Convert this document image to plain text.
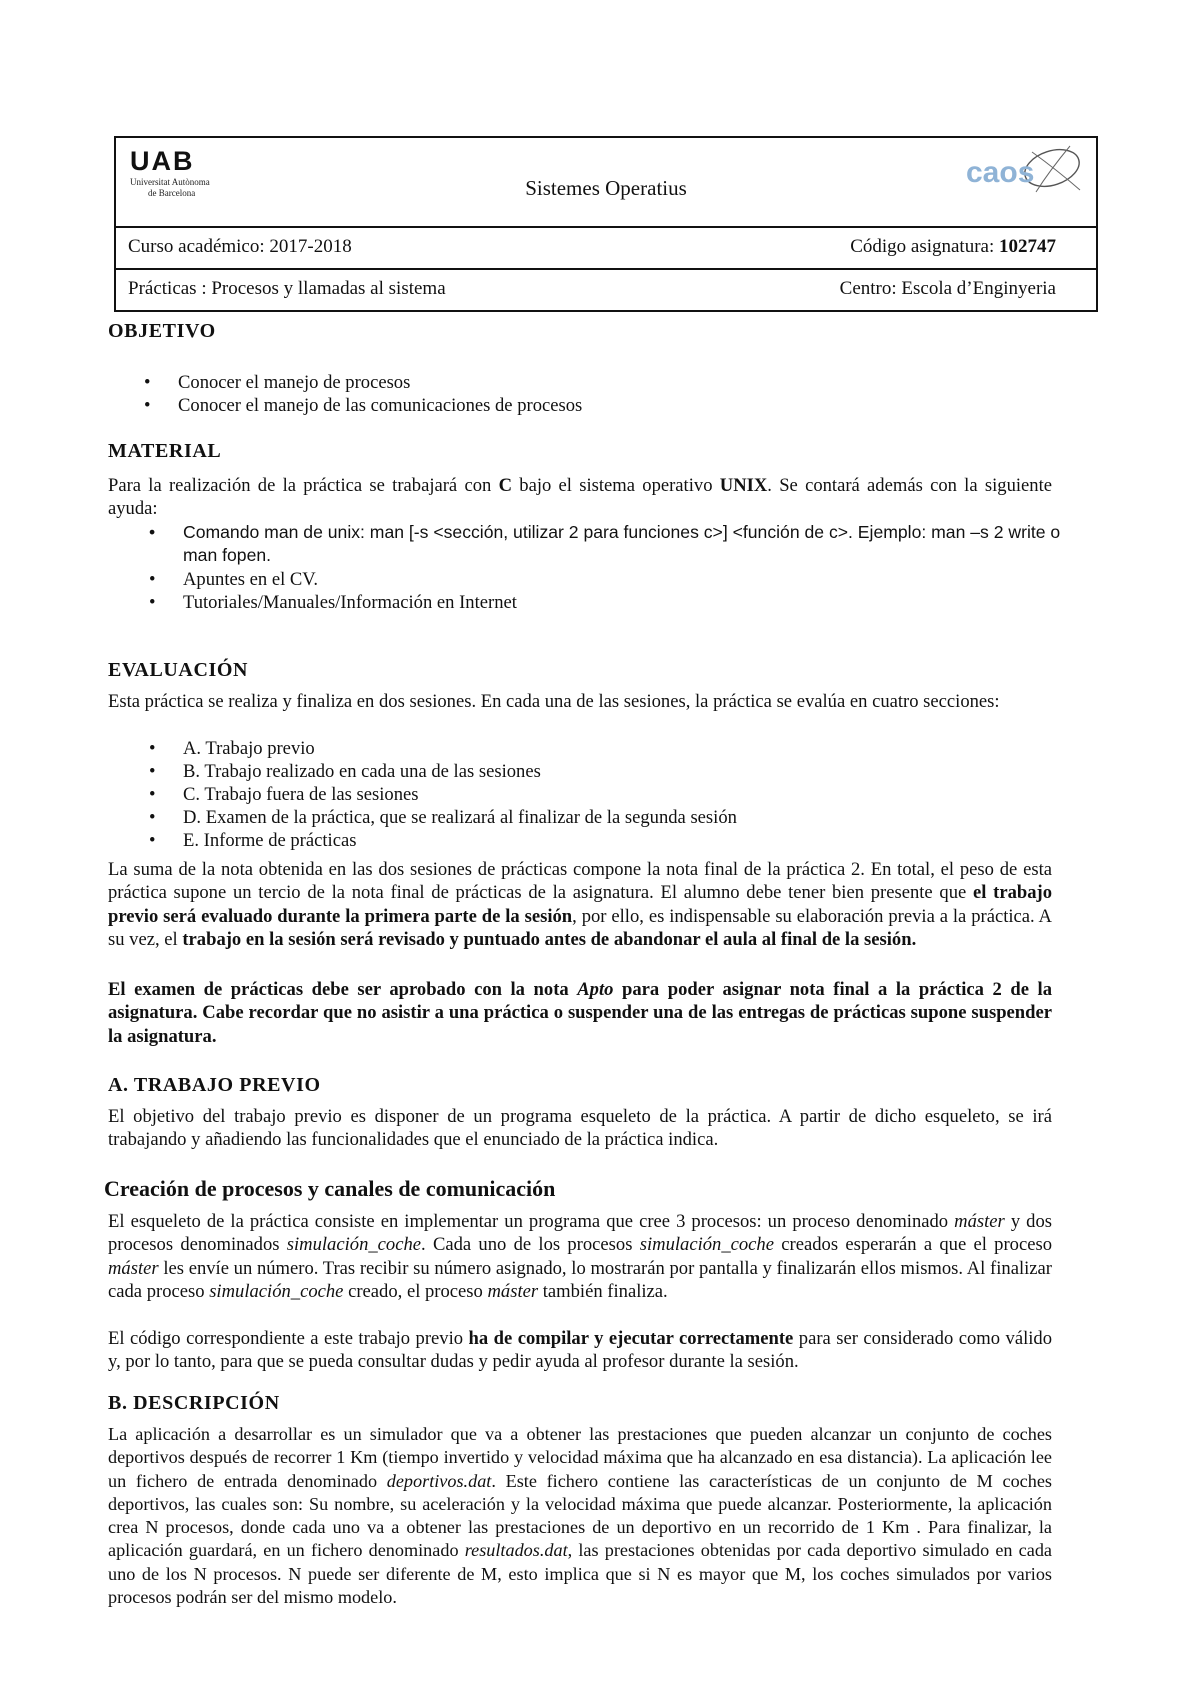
UAB
Universitat Autònoma
de Barcelona	Sistemes Operatius	caos
Curso académico: 2017-2018	Código asignatura: 102747
Prácticas : Procesos y llamadas al sistema	Centro: Escola d’Enginyeria
OBJETIVO
• Conocer el manejo de procesos
• Conocer el manejo de las comunicaciones de procesos
MATERIAL
Para la realización de la práctica se trabajará con C bajo el sistema operativo UNIX. Se contará además con la siguiente ayuda:
• Comando man de unix: man [-s <sección, utilizar 2 para funciones c>] <función de c>. Ejemplo: man –s 2 write o man fopen.
• Apuntes en el CV.
• Tutoriales/Manuales/Información en Internet
EVALUACIÓN
Esta práctica se realiza y finaliza en dos sesiones. En cada una de las sesiones, la práctica se evalúa en cuatro secciones:
• A. Trabajo previo
• B. Trabajo realizado en cada una de las sesiones
• C. Trabajo fuera de las sesiones
• D. Examen de la práctica, que se realizará al finalizar de la segunda sesión
• E. Informe de prácticas
La suma de la nota obtenida en las dos sesiones de prácticas compone la nota final de la práctica 2. En total, el peso de esta práctica supone un tercio de la nota final de prácticas de la asignatura. El alumno debe tener bien presente que el trabajo previo será evaluado durante la primera parte de la sesión, por ello, es indispensable su elaboración previa a la práctica. A su vez, el trabajo en la sesión será revisado y puntuado antes de abandonar el aula al final de la sesión.
El examen de prácticas debe ser aprobado con la nota Apto para poder asignar nota final a la práctica 2 de la asignatura. Cabe recordar que no asistir a una práctica o suspender una de las entregas de prácticas supone suspender la asignatura.
A. TRABAJO PREVIO
El objetivo del trabajo previo es disponer de un programa esqueleto de la práctica. A partir de dicho esqueleto, se irá trabajando y añadiendo las funcionalidades que el enunciado de la práctica indica.
Creación de procesos y canales de comunicación
El esqueleto de la práctica consiste en implementar un programa que cree 3 procesos: un proceso denominado máster y dos procesos denominados simulación_coche. Cada uno de los procesos simulación_coche creados esperarán a que el proceso máster les envíe un número. Tras recibir su número asignado, lo mostrarán por pantalla y finalizarán ellos mismos. Al finalizar cada proceso simulación_coche creado, el proceso máster también finaliza.
El código correspondiente a este trabajo previo ha de compilar y ejecutar correctamente para ser considerado como válido y, por lo tanto, para que se pueda consultar dudas y pedir ayuda al profesor durante la sesión.
B. DESCRIPCIÓN
La aplicación a desarrollar es un simulador que va a obtener las prestaciones que pueden alcanzar un conjunto de coches deportivos después de recorrer 1 Km (tiempo invertido y velocidad máxima que ha alcanzado en esa distancia). La aplicación lee un fichero de entrada denominado deportivos.dat. Este fichero contiene las características de un conjunto de M coches deportivos, las cuales son: Su nombre, su aceleración y la velocidad máxima que puede alcanzar. Posteriormente, la aplicación crea N procesos, donde cada uno va a obtener las prestaciones de un deportivo en un recorrido de 1 Km . Para finalizar, la aplicación guardará, en un fichero denominado resultados.dat, las prestaciones obtenidas por cada deportivo simulado en cada uno de los N procesos. N puede ser diferente de M, esto implica que si N es mayor que M, los coches simulados por varios procesos podrán ser del mismo modelo.
